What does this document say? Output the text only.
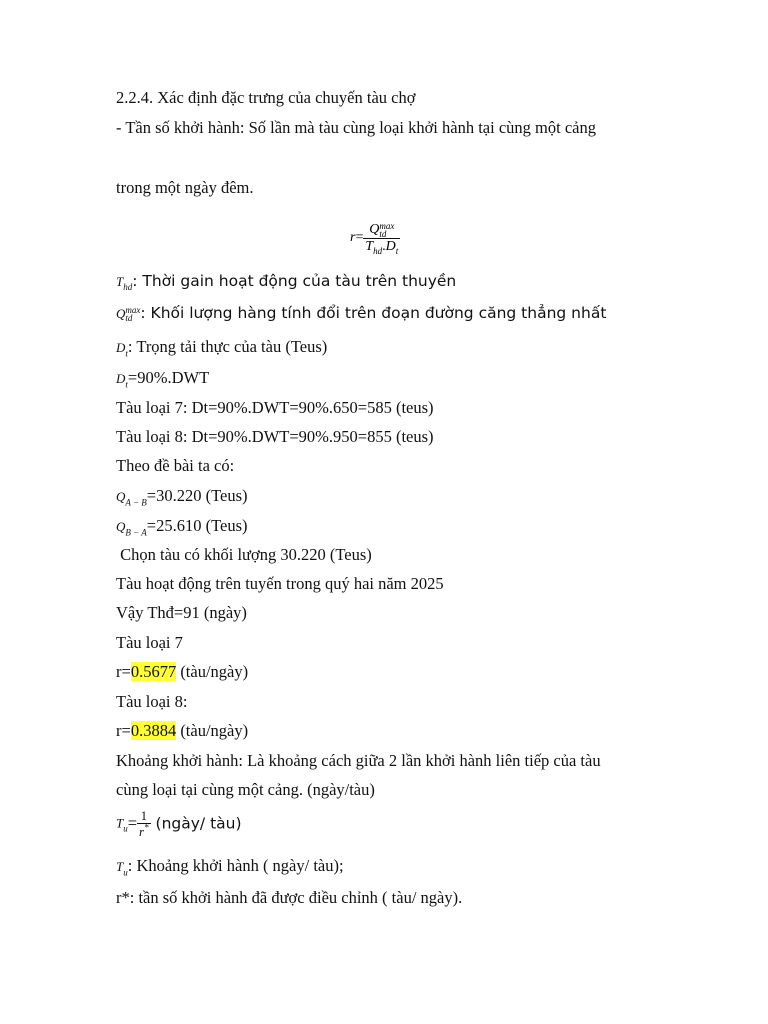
2.2.4. Xác định đặc trưng của chuyến tàu chợ
- Tần số khởi hành: Số lần mà tàu cùng loại khởi hành tại cùng một cảng
trong một ngày đêm.
r= Q max
td
$T_{hd}.D_t$
$T_{hd}$: Thời gain hoạt động của tàu trên thuyền
Q max
td : Khối lượng hàng tính đổi trên đoạn đường căng thẳng nhất
$D_t$: Trọng tải thực của tàu (Teus)
$D_t=90\%.DWT$
Tàu loại 7: Dt=90%.DWT=90%.650=585 (teus)
Tàu loại 8: Dt=90%.DWT=90%.950=855 (teus)
Theo đề bài ta có:
$Q_{A - B}=30.220$ (Teus)
$Q_{B - A}=25.610$ (Teus)
Chọn tàu có khối lượng 30.220 (Teus)
Tàu hoạt động trên tuyến trong quý hai năm 2025
Vậy Thđ=91 (ngày)
Tàu loại 7
r=0.5677 (tàu/ngày)
Tàu loại 8:
r=0.3884 (tàu/ngày)
Khoảng khởi hành: Là khoảng cách giữa 2 lần khởi hành liên tiếp của tàu
cùng loại tại cùng một cảng. (ngày/tàu)
$T_u= \frac{1}{r^*}$ (ngày/ tàu)
$T_u$: Khoảng khởi hành ( ngày/ tàu);
r*: tần số khởi hành đã được điều chỉnh ( tàu/ ngày).
